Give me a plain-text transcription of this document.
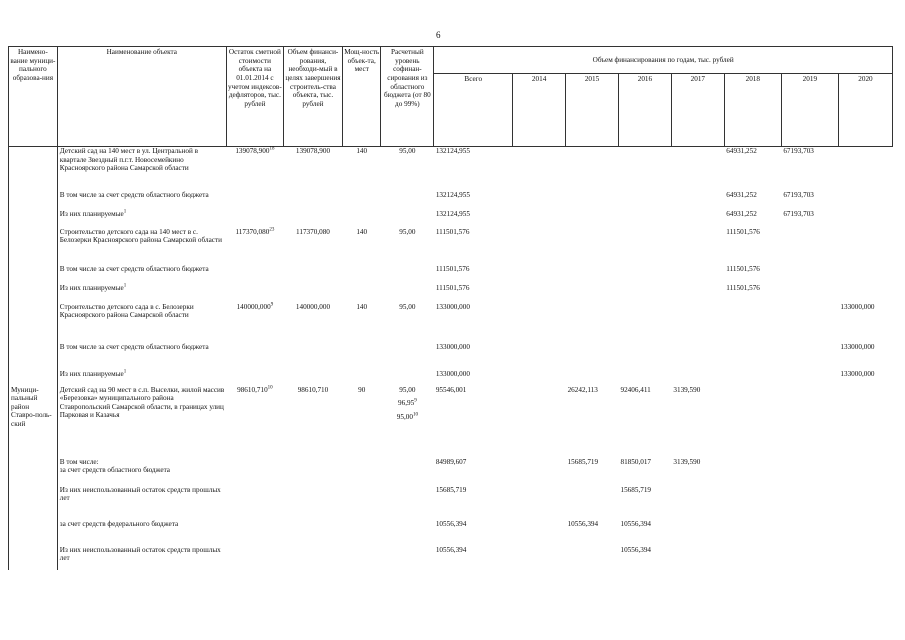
6
Наимено-вание муници-пального образова-ния	Наименование объекта	Остаток сметной стоимости объекта на 01.01.2014 с учетом индексов-дефляторов, тыс. рублей	Объем финанси-рования, необходи-мый в целях завершения строитель-ства объекта, тыс. рублей	Мощ-ность объек-та, мест	Расчетный уровень софинан-сирования из областного бюджета (от 80 до 99%)	Объем финансирования по годам, тыс. рублей							
						Всего	2014	2015	2016	2017	2018	2019	2020
	Детский сад на 140 мест в ул. Центральной в квартале Звездный п.г.т. Новосемейкино Красноярского района Самарской области	139078,900$^{18}$	139078,900	140	95,00	132124,955					64931,252	67193,703	
	В том числе за счет средств областного бюджета					132124,955					64931,252	67193,703	
	Из них планируемые$^1$					132124,955					64931,252	67193,703	
	Строительство детского сада на 140 мест в с. Белозерки Красноярского района Самарской области	117370,080$^{23}$	117370,080	140	95,00	111501,576					111501,576		
	В том числе за счет средств областного бюджета					111501,576					111501,576		
	Из них планируемые$^1$					111501,576					111501,576		
	Строительство детского сада в с. Белозерки Красноярского района Самарской области	140000,000$^9$	140000,000	140	95,00	133000,000							133000,000
	В том числе за счет средств областного бюджета					133000,000							133000,000
	Из них планируемые$^1$					133000,000							133000,000
Муници-пальный район Ставро-поль-ский	Детский сад на 90 мест в с.п. Выселки, жилой массив «Березовка» муниципального района Ставропольский Самарской области, в границах улиц Парковая и Казачья	98610,710$^{10}$	98610,710	90	95,00
96,95$^9$
95,00$^{10}$	95546,001		26242,113	92406,411	3139,590			
	В том числе:
за счет средств областного бюджета					84989,607		15685,719	81850,017	3139,590			
	Из них неиспользованный остаток средств прошлых лет					15685,719			15685,719				
	за счет средств федерального бюджета					10556,394		10556,394	10556,394				
	Из них неиспользованный остаток средств прошлых лет					10556,394			10556,394				
